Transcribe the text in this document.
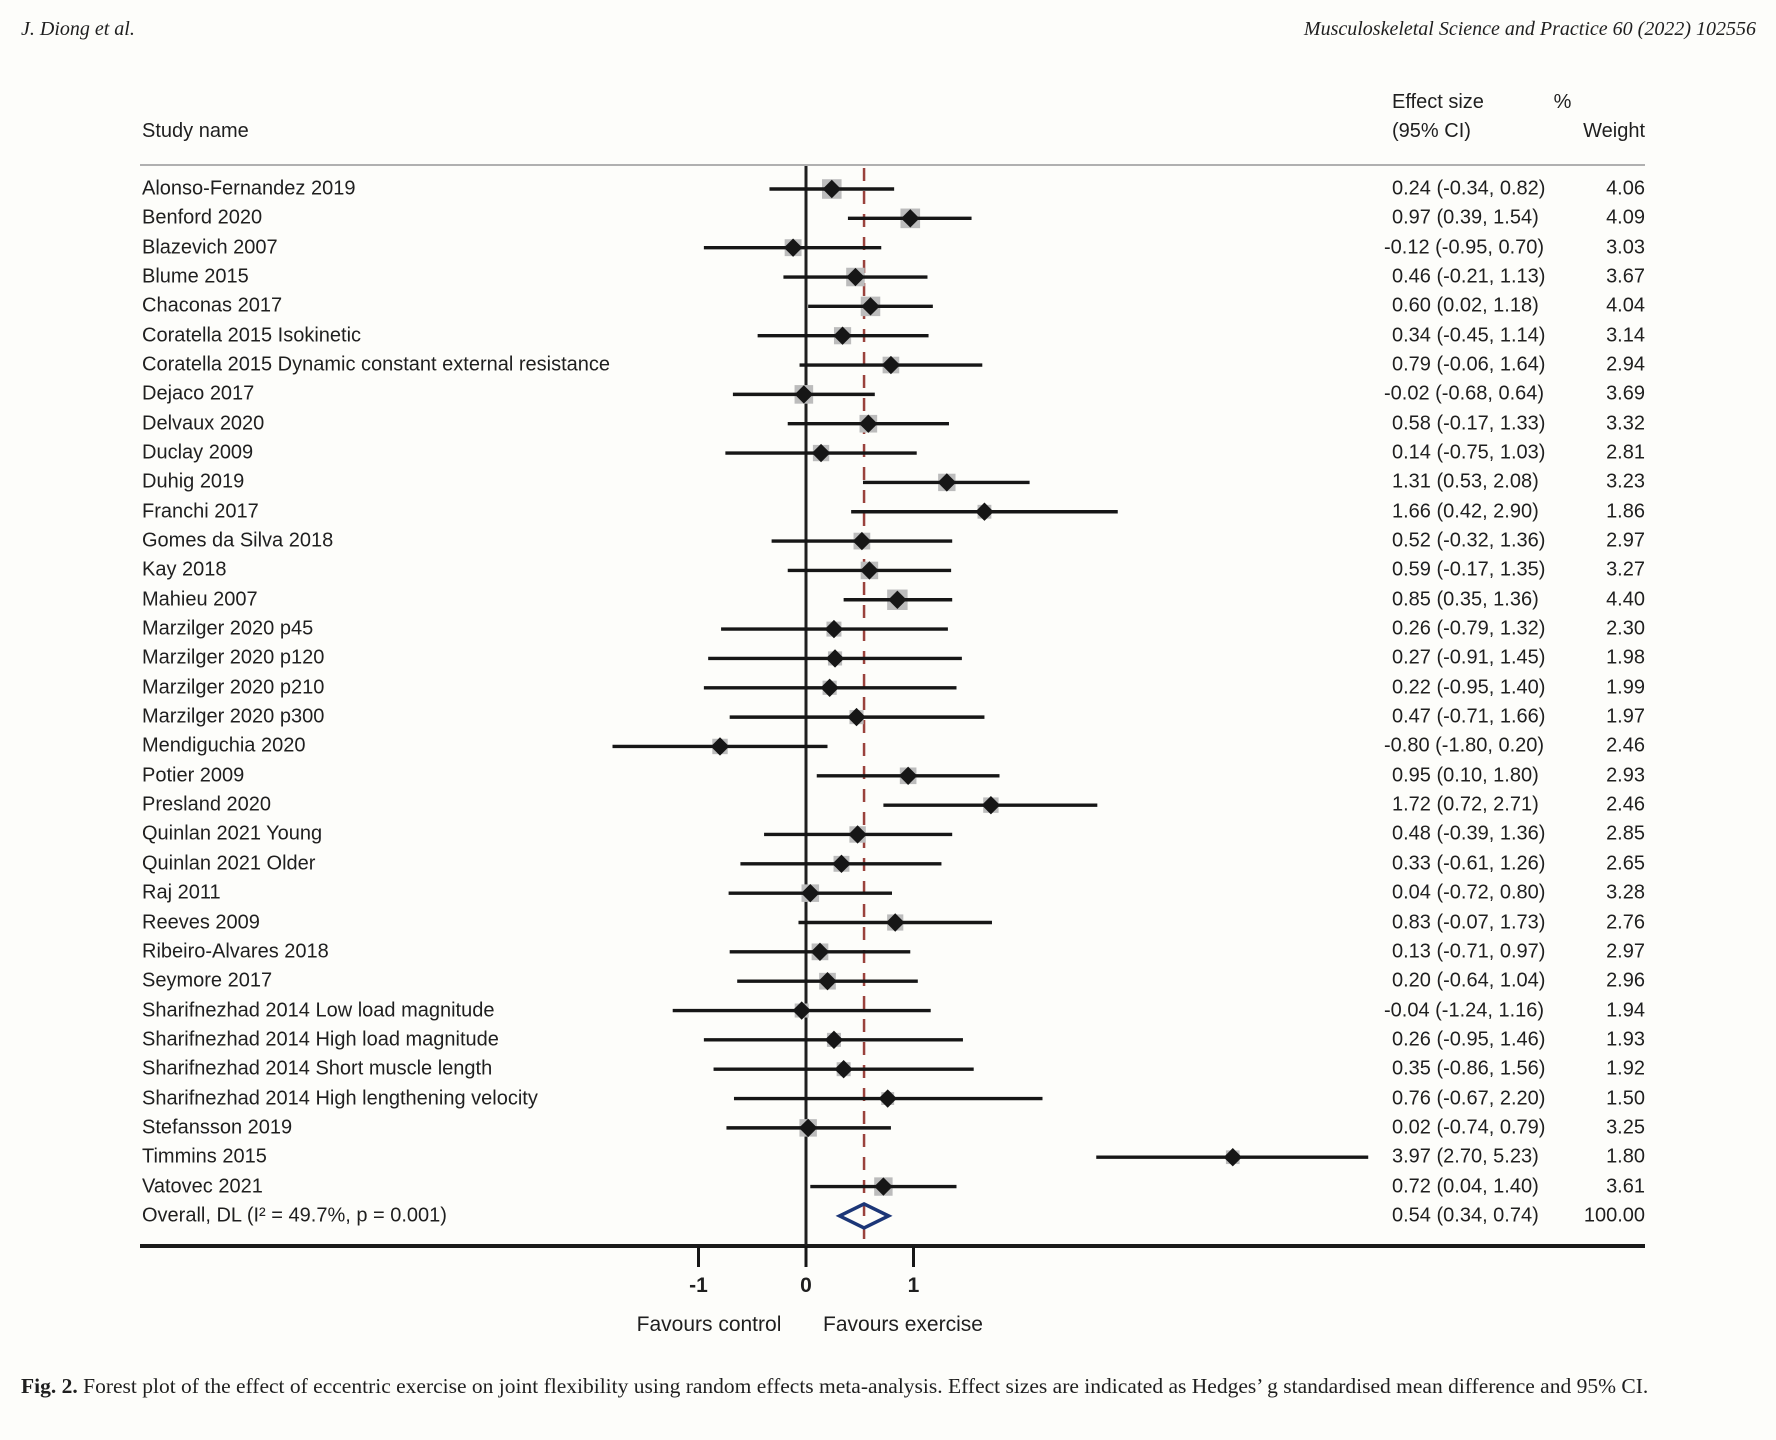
J. Diong et al.	Musculoskeletal Science and Practice 60 (2022) 102556
Study name
Effect size
(95% CI)
%
Weight
Alonso-Fernandez 2019	0.24 (-0.34, 0.82)	4.06
Benford 2020	0.97 (0.39, 1.54)	4.09
Blazevich 2007	-0.12 (-0.95, 0.70)	3.03
Blume 2015	0.46 (-0.21, 1.13)	3.67
Chaconas 2017	0.60 (0.02, 1.18)	4.04
Coratella 2015 Isokinetic	0.34 (-0.45, 1.14)	3.14
Coratella 2015 Dynamic constant external resistance	0.79 (-0.06, 1.64)	2.94
Dejaco 2017	-0.02 (-0.68, 0.64)	3.69
Delvaux 2020	0.58 (-0.17, 1.33)	3.32
Duclay 2009	0.14 (-0.75, 1.03)	2.81
Duhig 2019	1.31 (0.53, 2.08)	3.23
Franchi 2017	1.66 (0.42, 2.90)	1.86
Gomes da Silva 2018	0.52 (-0.32, 1.36)	2.97
Kay 2018	0.59 (-0.17, 1.35)	3.27
Mahieu 2007	0.85 (0.35, 1.36)	4.40
Marzilger 2020 p45	0.26 (-0.79, 1.32)	2.30
Marzilger 2020 p120	0.27 (-0.91, 1.45)	1.98
Marzilger 2020 p210	0.22 (-0.95, 1.40)	1.99
Marzilger 2020 p300	0.47 (-0.71, 1.66)	1.97
Mendiguchia 2020	-0.80 (-1.80, 0.20)	2.46
Potier 2009	0.95 (0.10, 1.80)	2.93
Presland 2020	1.72 (0.72, 2.71)	2.46
Quinlan 2021 Young	0.48 (-0.39, 1.36)	2.85
Quinlan 2021 Older	0.33 (-0.61, 1.26)	2.65
Raj 2011	0.04 (-0.72, 0.80)	3.28
Reeves 2009	0.83 (-0.07, 1.73)	2.76
Ribeiro-Alvares 2018	0.13 (-0.71, 0.97)	2.97
Seymore 2017	0.20 (-0.64, 1.04)	2.96
Sharifnezhad 2014 Low load magnitude	-0.04 (-1.24, 1.16)	1.94
Sharifnezhad 2014 High load magnitude	0.26 (-0.95, 1.46)	1.93
Sharifnezhad 2014 Short muscle length	0.35 (-0.86, 1.56)	1.92
Sharifnezhad 2014 High lengthening velocity	0.76 (-0.67, 2.20)	1.50
Stefansson 2019	0.02 (-0.74, 0.79)	3.25
Timmins 2015	3.97 (2.70, 5.23)	1.80
Vatovec 2021	0.72 (0.04, 1.40)	3.61
Overall, DL (I² = 49.7%, p = 0.001)	0.54 (0.34, 0.74)	100.00
-1	0	1
Favours control Favours exercise
Fig. 2. Forest plot of the effect of eccentric exercise on joint flexibility using random effects meta-analysis. Effect sizes are indicated as Hedges’ g standardised mean difference and 95% CI.
